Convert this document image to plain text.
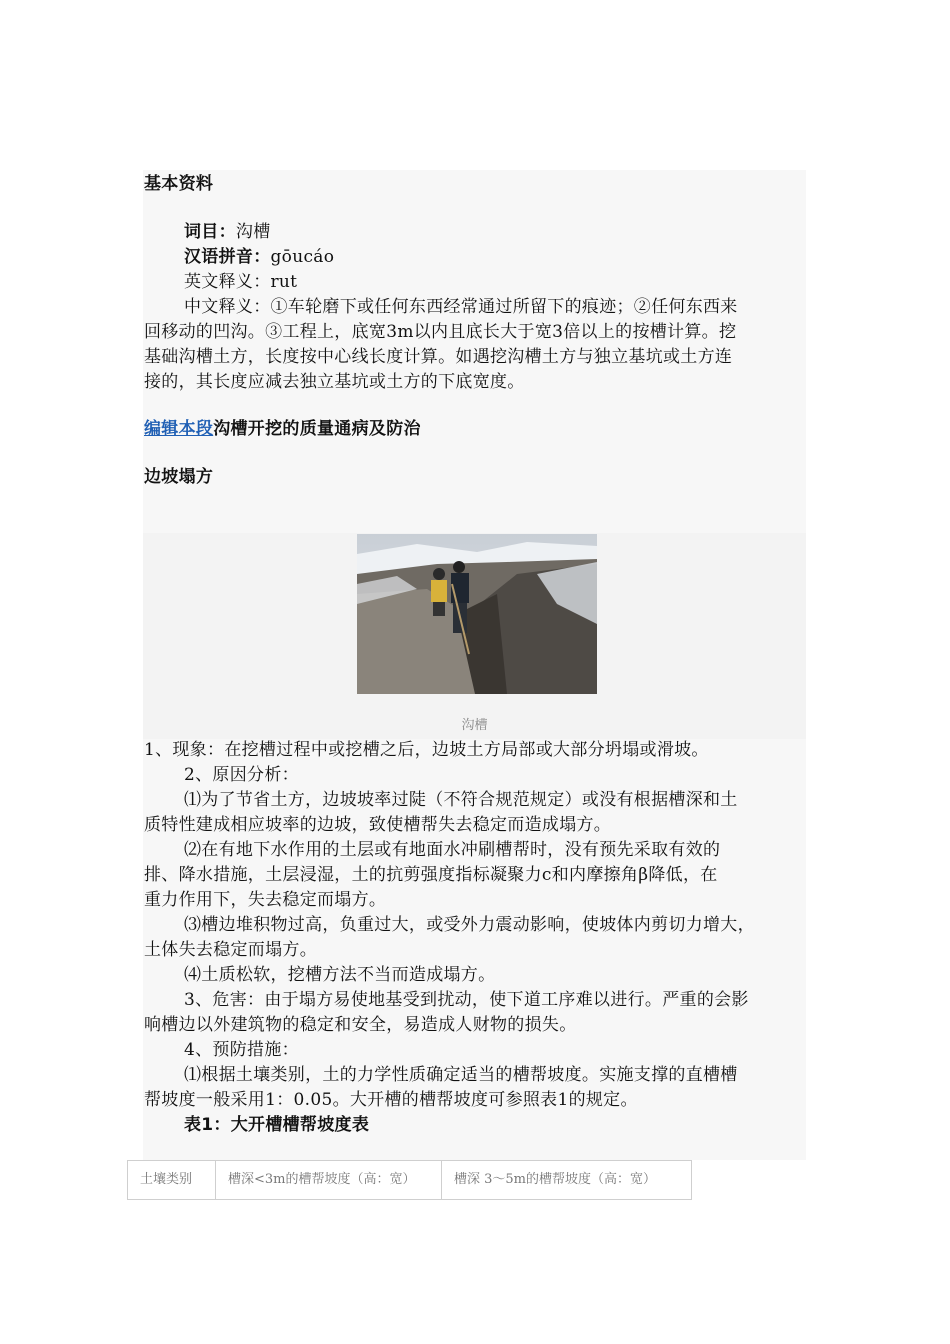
基本资料
词目：沟槽
汉语拼音：gōucáo
英文释义：rut
中文释义：①车轮磨下或任何东西经常通过所留下的痕迹；②任何东西来
回移动的凹沟。③工程上，底宽3m以内且底长大于宽3倍以上的按槽计算。挖
基础沟槽土方，长度按中心线长度计算。如遇挖沟槽土方与独立基坑或土方连
接的，其长度应减去独立基坑或土方的下底宽度。
编辑本段沟槽开挖的质量通病及防治
边坡塌方
沟槽
1、现象：在挖槽过程中或挖槽之后，边坡土方局部或大部分坍塌或滑坡。
2、原因分析：
⑴为了节省土方，边坡坡率过陡（不符合规范规定）或没有根据槽深和土
质特性建成相应坡率的边坡，致使槽帮失去稳定而造成塌方。
⑵在有地下水作用的土层或有地面水冲刷槽帮时，没有预先采取有效的
排、降水措施，土层浸湿，土的抗剪强度指标凝聚力c和内摩擦角β降低，在
重力作用下，失去稳定而塌方。
⑶槽边堆积物过高，负重过大，或受外力震动影响，使坡体内剪切力增大，
土体失去稳定而塌方。
⑷土质松软，挖槽方法不当而造成塌方。
3、危害：由于塌方易使地基受到扰动，使下道工序难以进行。严重的会影
响槽边以外建筑物的稳定和安全，易造成人财物的损失。
4、预防措施：
⑴根据土壤类别，土的力学性质确定适当的槽帮坡度。实施支撑的直槽槽
帮坡度一般采用1：0.05。大开槽的槽帮坡度可参照表1的规定。
表1：大开槽槽帮坡度表
土壤类别	槽深<3m的槽帮坡度（高：宽）	槽深 3～5m的槽帮坡度（高：宽）
